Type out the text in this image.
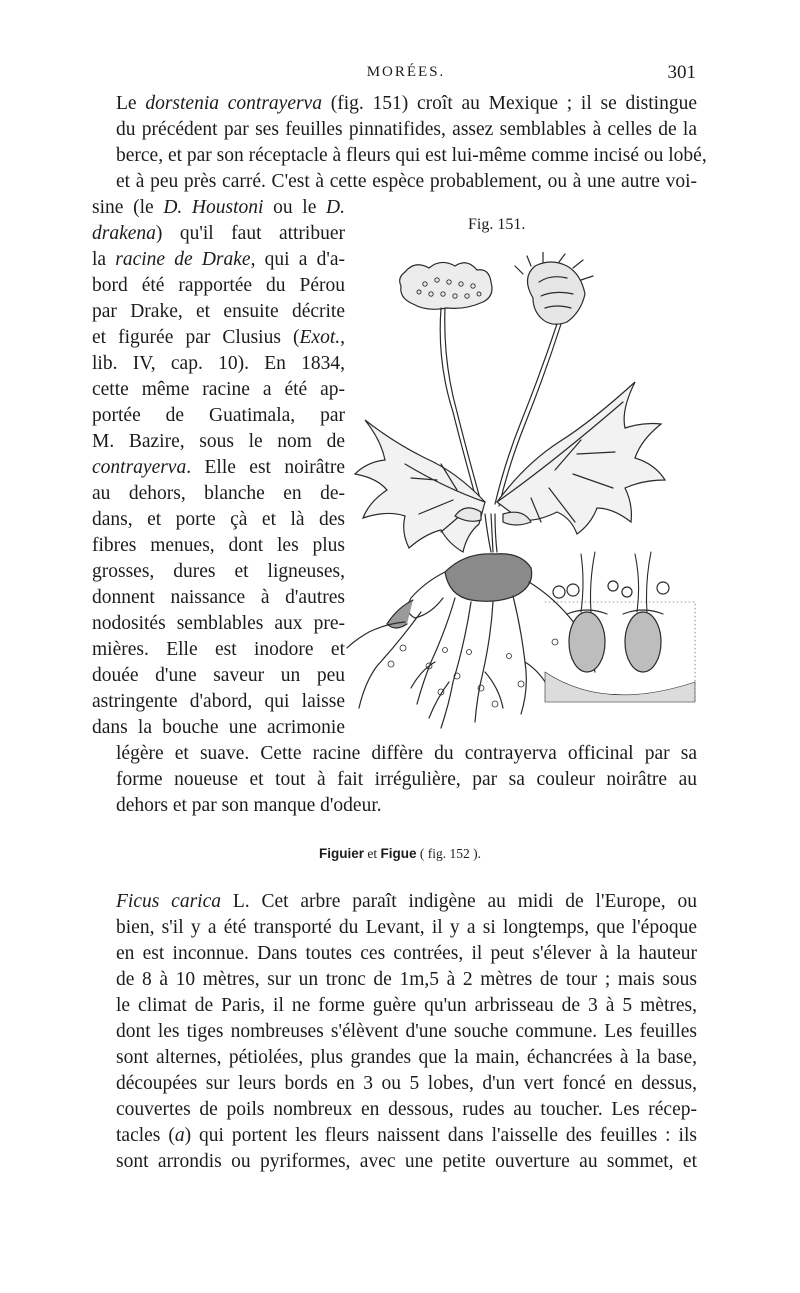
MORÉES.	301
Le dorstenia contrayerva (fig. 151) croît au Mexique ; il se distingue
du précédent par ses feuilles pinnatifides, assez semblables à celles de la
berce, et par son réceptacle à fleurs qui est lui-même comme incisé ou lobé,
et à peu près carré. C'est à cette espèce probablement, ou à une autre voi-
sine (le D. Houstoni ou le D.
drakena) qu'il faut attribuer
la racine de Drake, qui a d'a-
bord été rapportée du Pérou
par Drake, et ensuite décrite
et figurée par Clusius (Exot.,
lib. IV, cap. 10). En 1834,
cette même racine a été ap-
portée de Guatimala, par
M. Bazire, sous le nom de
contrayerva. Elle est noirâtre
au dehors, blanche en de-
dans, et porte çà et là des
fibres menues, dont les plus
grosses, dures et ligneuses,
donnent naissance à d'autres
nodosités semblables aux pre-
mières. Elle est inodore et
douée d'une saveur un peu
astringente d'abord, qui laisse
dans la bouche une acrimonie
légère et suave. Cette racine diffère du contrayerva officinal par sa
forme noueuse et tout à fait irrégulière, par sa couleur noirâtre au
dehors et par son manque d'odeur.
Fig. 151.
Figuier et Figue ( fig. 152 ).
Ficus carica L. Cet arbre paraît indigène au midi de l'Europe, ou
bien, s'il y a été transporté du Levant, il y a si longtemps, que l'époque
en est inconnue. Dans toutes ces contrées, il peut s'élever à la hauteur
de 8 à 10 mètres, sur un tronc de 1m,5 à 2 mètres de tour ; mais sous
le climat de Paris, il ne forme guère qu'un arbrisseau de 3 à 5 mètres,
dont les tiges nombreuses s'élèvent d'une souche commune. Les feuilles
sont alternes, pétiolées, plus grandes que la main, échancrées à la base,
découpées sur leurs bords en 3 ou 5 lobes, d'un vert foncé en dessus,
couvertes de poils nombreux en dessous, rudes au toucher. Les récep-
tacles (a) qui portent les fleurs naissent dans l'aisselle des feuilles : ils
sont arrondis ou pyriformes, avec une petite ouverture au sommet, et
